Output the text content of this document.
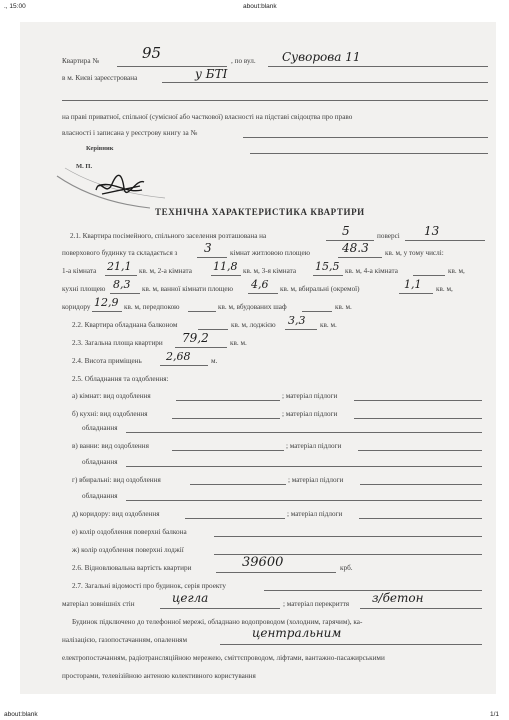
., 15:00	about:blank
Квартира №	95	, по вул. Суворова 11
в м. Києві зареєстрована	у БТІ
на праві приватної, спільної (сумісної або часткової) власності на підставі свідоцтва про право
власності і записана у реєстрову книгу за №
Керівник
М. П.
ТЕХНІЧНА ХАРАКТЕРИСТИКА КВАРТИРИ
2.1. Квартира посімейного, спільного заселення розташована на	5	поверсі 13
поверхового будинку та складається з 3	кімнат житловою площею	48.3 кв. м, у тому числі:
1-а кімната 21,1 кв. м, 2-а кімната 11,8 кв. м, 3-я кімната 15,5 кв. м, 4-а кімната	кв. м,
кухні площею 8,3 кв. м, ванної кімнати площею 4,6 кв. м, вбиральні (окремої)	1,1 кв. м,
коридору 12,9 кв. м, передпокою	кв. м, вбудованих шаф	кв. м.
2.2. Квартира обладнана балконом	кв. м, лоджією 3,3 кв. м.
2.3. Загальна площа квартири 79,2	кв. м.
2.4. Висота приміщень 2,68	м.
2.5. Обладнання та оздоблення:
а) кімнат: вид оздоблення	; матеріал підлоги
б) кухні: вид оздоблення	; матеріал підлоги
обладнання
в) ванни: вид оздоблення	; матеріал підлоги
обладнання
г) вбиральні: вид оздоблення	; матеріал підлоги
обладнання
д) коридору: вид оздоблення	; матеріал підлоги
е) колір оздоблення поверхні балкона
ж) колір оздоблення поверхні лоджії
2.6. Відновлювальна вартість квартири	39600	крб.
2.7. Загальні відомості про будинок, серія проекту
матеріал зовнішніх стін	цегла	; матеріал перекриття з/бетон
Будинок підключено до телефонної мережі, обладнано водопроводом (холодним, гарячим), ка-
налізацією, газопостачанням, опаленням	центральним
електропостачанням, радіотрансляційною мережею, сміттєпроводом, ліфтами, вантажно-пасажирськими
просторами, телевізійною антеною колективного користування
about:blank	1/1
